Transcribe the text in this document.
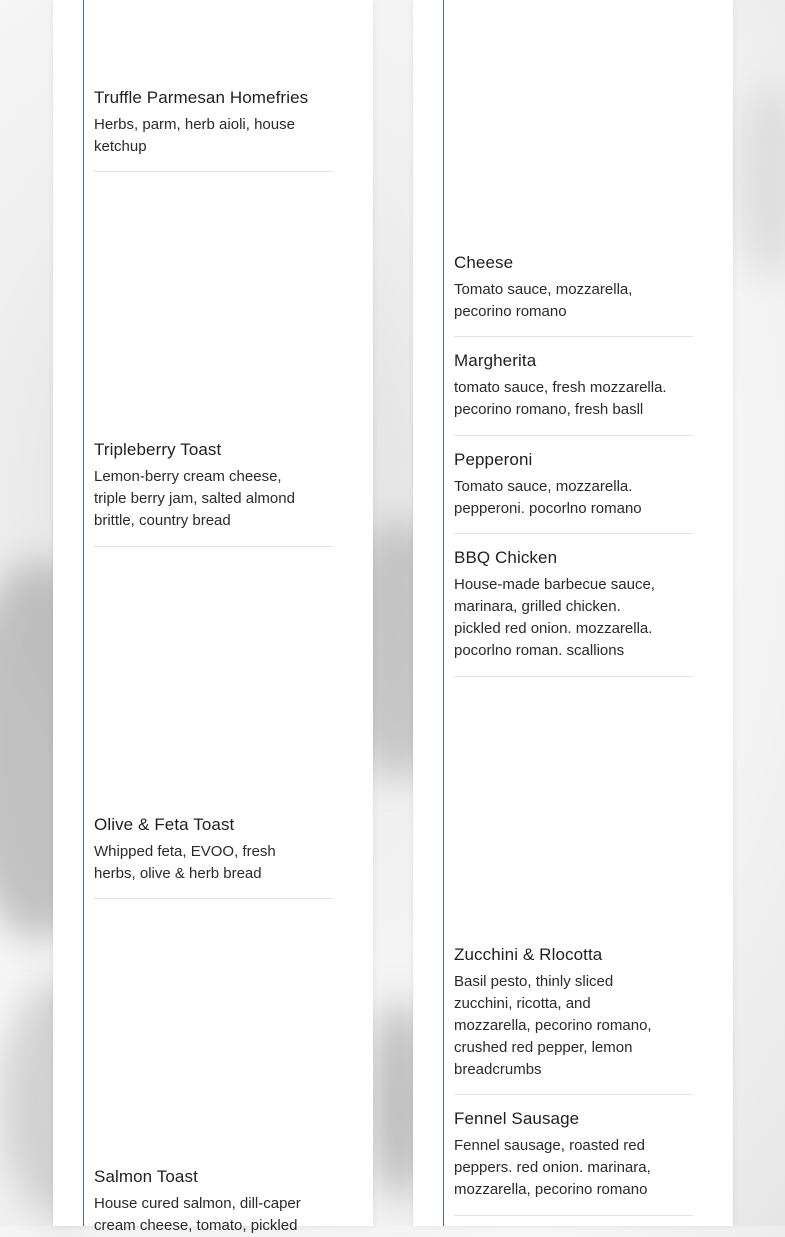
Truffle Parmesan Homefries

Herbs, parm, herb aioli, house
ketchup

Tripleberry Toast

Lemon-berry cream cheese,
triple berry jam, salted almond
brittle, country bread

Olive & Feta Toast

Whipped feta, EVOO, fresh
herbs, olive & herb bread

Salmon Toast

House cured salmon, dill-caper
cream cheese, tomato, pickled

Cheese

Tomato sauce, mozzarella,
pecorino romano

Margherita

tomato sauce, fresh mozzarella.
pecorino romano, fresh basll

Pepperoni

Tomato sauce, mozzarella.
pepperoni. pocorlno romano

BBQ Chicken

House-made barbecue sauce,
marinara, grilled chicken.
pickled red onion. mozzarella.
pocorlno roman. scallions

Zucchini & Rlocotta

Basil pesto, thinly sliced
zucchini, ricotta, and
mozzarella, pecorino romano,
crushed red pepper, lemon
breadcrumbs

Fennel Sausage

Fennel sausage, roasted red
peppers. red onion. marinara,
mozzarella, pecorino romano
